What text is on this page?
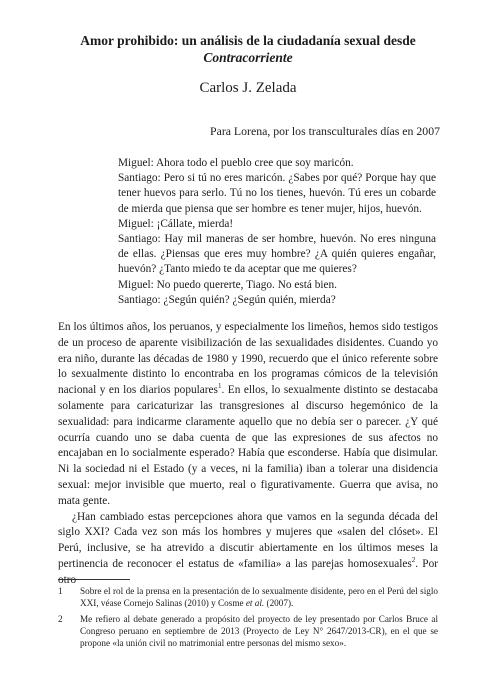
Amor prohibido: un análisis de la ciudadanía sexual desde
Contracorriente
Carlos J. Zelada
Para Lorena, por los transculturales días en 2007

Miguel: Ahora todo el pueblo cree que soy maricón.

Santiago: Pero si tú no eres maricón. ¿Sabes por qué? Porque hay que tener huevos para serlo. Tú no los tienes, huevón. Tú eres un cobarde de mierda que piensa que ser hombre es tener mujer, hijos, huevón.

Miguel: ¡Cállate, mierda!

Santiago: Hay mil maneras de ser hombre, huevón. No eres ninguna de ellas. ¿Piensas que eres muy hombre? ¿A quién quieres engañar, huevón? ¿Tanto miedo te da aceptar que me quieres?

Miguel: No puedo quererte, Tiago. No está bien.

Santiago: ¿Según quién? ¿Según quién, mierda?

En los últimos años, los peruanos, y especialmente los limeños, hemos sido testigos de un proceso de aparente visibilización de las sexualidades disidentes. Cuando yo era niño, durante las décadas de 1980 y 1990, recuerdo que el único referente sobre lo sexualmente distinto lo encontraba en los programas cómicos de la televisión nacional y en los diarios populares$^1$. En ellos, lo sexualmente distinto se destacaba solamente para caricaturizar las transgresiones al discurso hegemónico de la sexualidad: para indicarme claramente aquello que no debía ser o parecer. ¿Y qué ocurría cuando uno se daba cuenta de que las expresiones de sus afectos no encajaban en lo socialmente esperado? Había que esconderse. Había que disimular. Ni la sociedad ni el Estado (y a veces, ni la familia) iban a tolerar una disidencia sexual: mejor invisible que muerto, real o figurativamente. Guerra que avisa, no mata gente.

¿Han cambiado estas percepciones ahora que vamos en la segunda década del siglo XXI? Cada vez son más los hombres y mujeres que «salen del clóset». El Perú, inclusive, se ha atrevido a discutir abiertamente en los últimos meses la pertinencia de reconocer el estatus de «familia» a las parejas homosexuales$^2$. Por otro

1 Sobre el rol de la prensa en la presentación de lo sexualmente disidente, pero en el Perú del siglo XXI, véase Cornejo Salinas (2010) y Cosme et al. (2007).
2 Me refiero al debate generado a propósito del proyecto de ley presentado por Carlos Bruce al Congreso peruano en septiembre de 2013 (Proyecto de Ley N° 2647/2013-CR), en el que se propone «la unión civil no matrimonial entre personas del mismo sexo».
